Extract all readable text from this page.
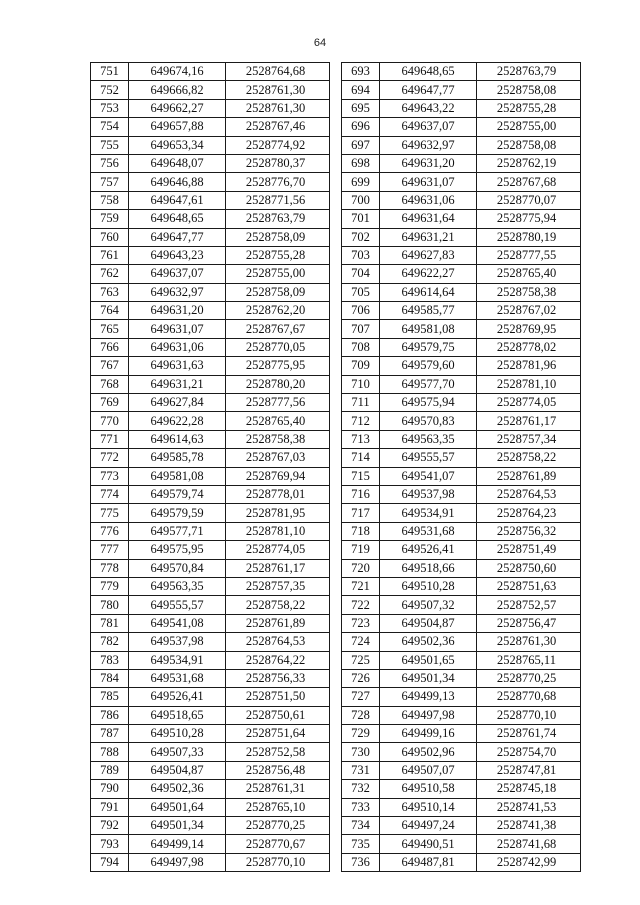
64
751	649674,16	2528764,68
752	649666,82	2528761,30
753	649662,27	2528761,30
754	649657,88	2528767,46
755	649653,34	2528774,92
756	649648,07	2528780,37
757	649646,88	2528776,70
758	649647,61	2528771,56
759	649648,65	2528763,79
760	649647,77	2528758,09
761	649643,23	2528755,28
762	649637,07	2528755,00
763	649632,97	2528758,09
764	649631,20	2528762,20
765	649631,07	2528767,67
766	649631,06	2528770,05
767	649631,63	2528775,95
768	649631,21	2528780,20
769	649627,84	2528777,56
770	649622,28	2528765,40
771	649614,63	2528758,38
772	649585,78	2528767,03
773	649581,08	2528769,94
774	649579,74	2528778,01
775	649579,59	2528781,95
776	649577,71	2528781,10
777	649575,95	2528774,05
778	649570,84	2528761,17
779	649563,35	2528757,35
780	649555,57	2528758,22
781	649541,08	2528761,89
782	649537,98	2528764,53
783	649534,91	2528764,22
784	649531,68	2528756,33
785	649526,41	2528751,50
786	649518,65	2528750,61
787	649510,28	2528751,64
788	649507,33	2528752,58
789	649504,87	2528756,48
790	649502,36	2528761,31
791	649501,64	2528765,10
792	649501,34	2528770,25
793	649499,14	2528770,67
794	649497,98	2528770,10
693	649648,65	2528763,79
694	649647,77	2528758,08
695	649643,22	2528755,28
696	649637,07	2528755,00
697	649632,97	2528758,08
698	649631,20	2528762,19
699	649631,07	2528767,68
700	649631,06	2528770,07
701	649631,64	2528775,94
702	649631,21	2528780,19
703	649627,83	2528777,55
704	649622,27	2528765,40
705	649614,64	2528758,38
706	649585,77	2528767,02
707	649581,08	2528769,95
708	649579,75	2528778,02
709	649579,60	2528781,96
710	649577,70	2528781,10
711	649575,94	2528774,05
712	649570,83	2528761,17
713	649563,35	2528757,34
714	649555,57	2528758,22
715	649541,07	2528761,89
716	649537,98	2528764,53
717	649534,91	2528764,23
718	649531,68	2528756,32
719	649526,41	2528751,49
720	649518,66	2528750,60
721	649510,28	2528751,63
722	649507,32	2528752,57
723	649504,87	2528756,47
724	649502,36	2528761,30
725	649501,65	2528765,11
726	649501,34	2528770,25
727	649499,13	2528770,68
728	649497,98	2528770,10
729	649499,16	2528761,74
730	649502,96	2528754,70
731	649507,07	2528747,81
732	649510,58	2528745,18
733	649510,14	2528741,53
734	649497,24	2528741,38
735	649490,51	2528741,68
736	649487,81	2528742,99
